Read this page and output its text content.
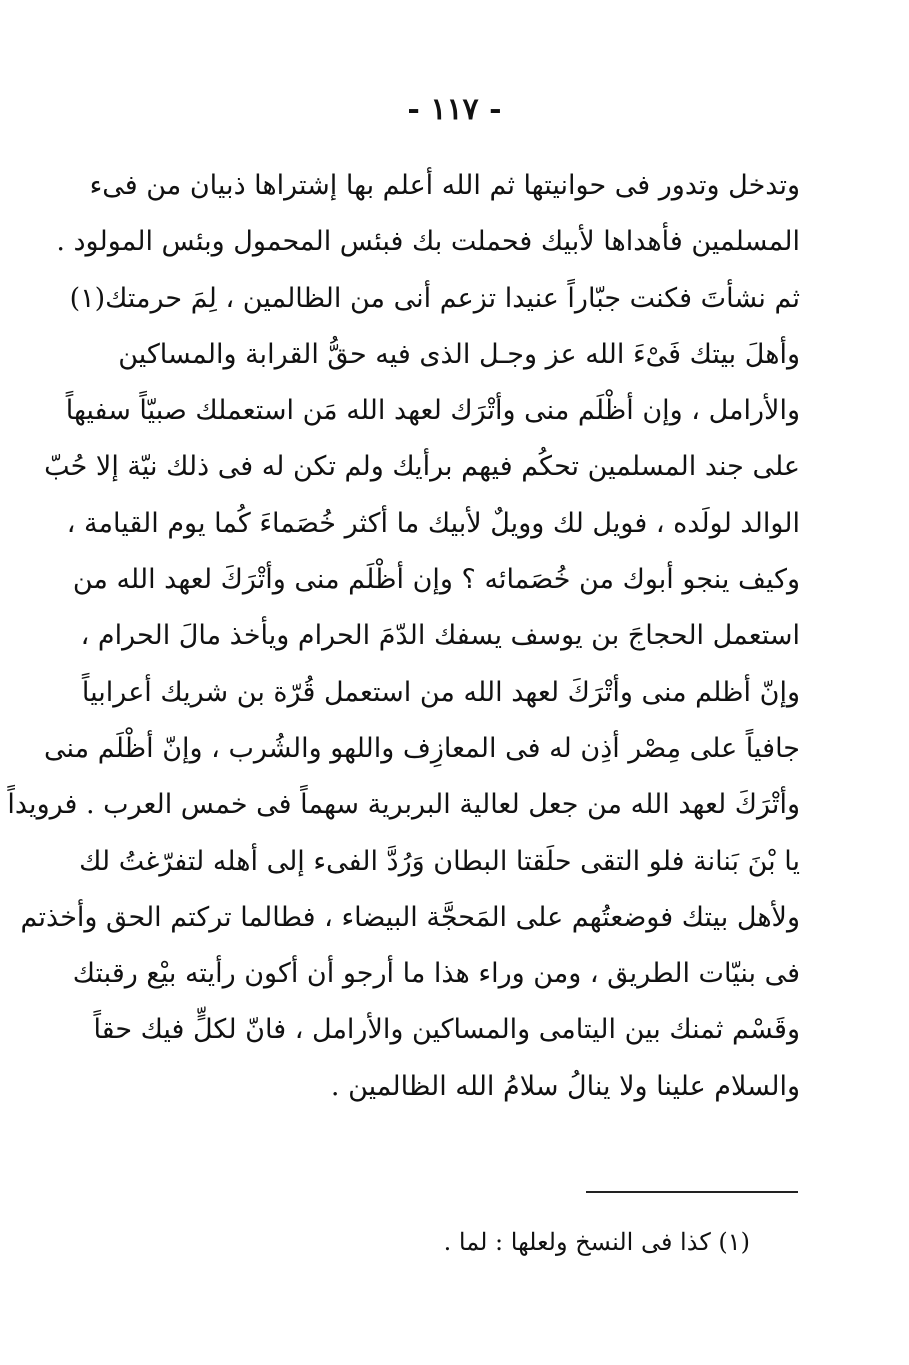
- ١١٧ -
وتدخل وتدور فى حوانيتها ثم الله أعلم بها إشتراها ذبيان من فىء
المسلمين فأهداها لأبيك فحملت بك فبئس المحمول وبئس المولود .
ثم نشأتَ فكنت جبّاراً عنيدا تزعم أنى من الظالمين ، لِمَ حرمتك(١)
وأهلَ بيتك فَىْءَ الله عز وجـل الذى فيه حقُّ القرابة والمساكين
والأرامل ، وإن أظْلَم منى وأتْرَك لعهد الله مَن استعملك صبيّاً سفيهاً
على جند المسلمين تحكُم فيهم برأيك ولم تكن له فى ذلك نيّة إلا حُبّ
الوالد لولَده ، فويل لك وويلٌ لأبيك ما أكثر خُصَماءَ كُما يوم القيامة ،
وكيف ينجو أبوك من خُصَمائه ؟ وإن أظْلَم منى وأتْرَكَ لعهد الله من
استعمل الحجاجَ بن يوسف يسفك الدّمَ الحرام ويأخذ مالَ الحرام ،
وإنّ أظلم منى وأتْرَكَ لعهد الله من استعمل قُرّة بن شريك أعرابياً
جافياً على مِصْر أذِن له فى المعازِف واللهو والشُرب ، وإنّ أظْلَم منى
وأتْرَكَ لعهد الله من جعل لعالية البربرية سهماً فى خمس العرب . فرويداً
يا بْنَ بَنانة فلو التقى حلَقتا البطان وَرُدَّ الفىء إلى أهله لتفرّغتُ لك
ولأهل بيتك فوضعتُهم على المَحجَّة البيضاء ، فطالما تركتم الحق وأخذتم
فى بنيّات الطريق ، ومن وراء هذا ما أرجو أن أكون رأيته بيْع رقبتك
وقَسْم ثمنك بين اليتامى والمساكين والأرامل ، فانّ لكلٍّ فيك حقاً
والسلام علينا ولا ينالُ سلامُ الله الظالمين .
(١) كذا فى النسخ ولعلها : لما .
